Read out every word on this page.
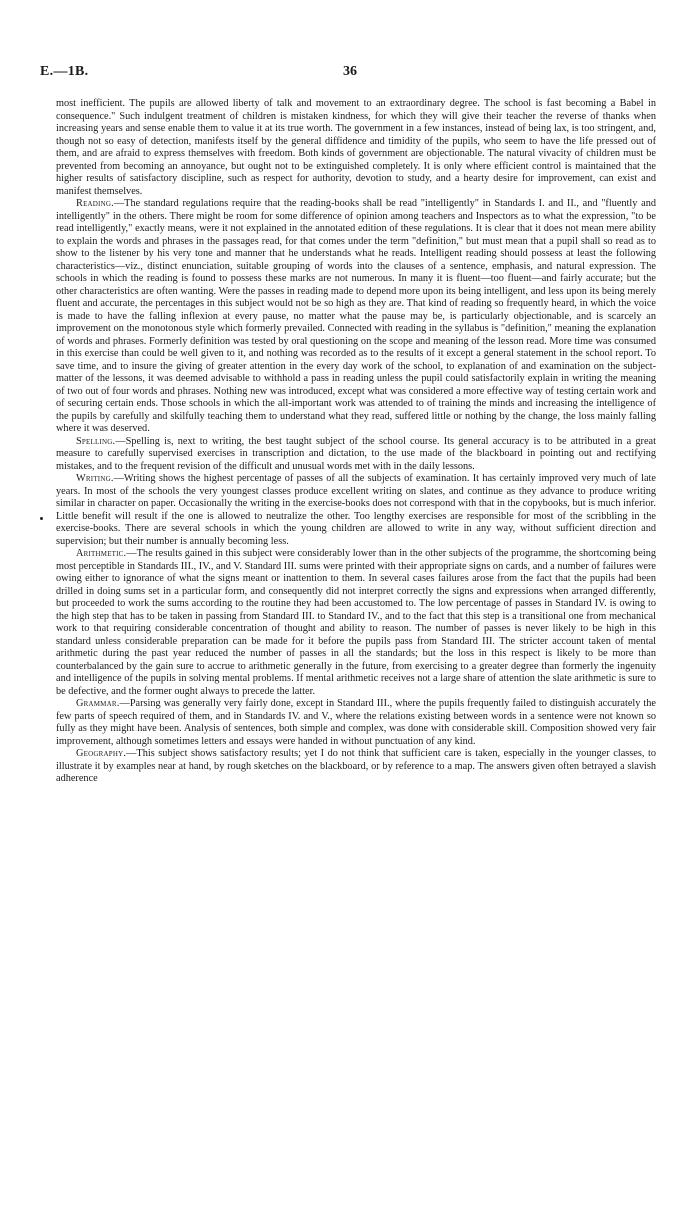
E.—1B.	36

most inefficient. The pupils are allowed liberty of talk and movement to an extraordinary degree. The school is fast becoming a Babel in consequence." Such indulgent treatment of children is mistaken kindness, for which they will give their teacher the reverse of thanks when increasing years and sense enable them to value it at its true worth. The government in a few instances, instead of being lax, is too stringent, and, though not so easy of detection, manifests itself by the general diffidence and timidity of the pupils, who seem to have the life pressed out of them, and are afraid to express themselves with freedom. Both kinds of government are objectionable. The natural vivacity of children must be prevented from becoming an annoyance, but ought not to be extinguished completely. It is only where efficient control is maintained that the higher results of satisfactory discipline, such as respect for authority, devotion to study, and a hearty desire for improvement, can exist and manifest themselves.

Reading.—The standard regulations require that the reading-books shall be read "intelligently" in Standards I. and II., and "fluently and intelligently" in the others. There might be room for some difference of opinion among teachers and Inspectors as to what the expression, "to be read intelligently," exactly means, were it not explained in the annotated edition of these regulations. It is clear that it does not mean mere ability to explain the words and phrases in the passages read, for that comes under the term "definition," but must mean that a pupil shall so read as to show to the listener by his very tone and manner that he understands what he reads. Intelligent reading should possess at least the following characteristics—viz., distinct enunciation, suitable grouping of words into the clauses of a sentence, emphasis, and natural expression. The schools in which the reading is found to possess these marks are not numerous. In many it is fluent—too fluent—and fairly accurate; but the other characteristics are often wanting. Were the passes in reading made to depend more upon its being intelligent, and less upon its being merely fluent and accurate, the percentages in this subject would not be so high as they are. That kind of reading so frequently heard, in which the voice is made to have the falling inflexion at every pause, no matter what the pause may be, is particularly objectionable, and is scarcely an improvement on the monotonous style which formerly prevailed. Connected with reading in the syllabus is "definition," meaning the explanation of words and phrases. Formerly definition was tested by oral questioning on the scope and meaning of the lesson read. More time was consumed in this exercise than could be well given to it, and nothing was recorded as to the results of it except a general statement in the school report. To save time, and to insure the giving of greater attention in the every day work of the school, to explanation of and examination on the subject-matter of the lessons, it was deemed advisable to withhold a pass in reading unless the pupil could satisfactorily explain in writing the meaning of two out of four words and phrases. Nothing new was introduced, except what was considered a more effective way of testing certain work and of securing certain ends. Those schools in which the all-important work was attended to of training the minds and increasing the intelligence of the pupils by carefully and skilfully teaching them to understand what they read, suffered little or nothing by the change, the loss mainly falling where it was deserved.

Spelling.—Spelling is, next to writing, the best taught subject of the school course. Its general accuracy is to be attributed in a great measure to carefully supervised exercises in transcription and dictation, to the use made of the blackboard in pointing out and rectifying mistakes, and to the frequent revision of the difficult and unusual words met with in the daily lessons.

Writing.—Writing shows the highest percentage of passes of all the subjects of examination. It has certainly improved very much of late years. In most of the schools the very youngest classes produce excellent writing on slates, and continue as they advance to produce writing similar in character on paper. Occasionally the writing in the exercise-books does not correspond with that in the copybooks, but is much inferior. Little benefit will result if the one is allowed to neutralize the other. Too lengthy exercises are responsible for most of the scribbling in the exercise-books. There are several schools in which the young children are allowed to write in any way, without sufficient direction and supervision; but their number is annually becoming less.

Arithmetic.—The results gained in this subject were considerably lower than in the other subjects of the programme, the shortcoming being most perceptible in Standards III., IV., and V. Standard III. sums were printed with their appropriate signs on cards, and a number of failures were owing either to ignorance of what the signs meant or inattention to them. In several cases failures arose from the fact that the pupils had been drilled in doing sums set in a particular form, and consequently did not interpret correctly the signs and expressions when arranged differently, but proceeded to work the sums according to the routine they had been accustomed to. The low percentage of passes in Standard IV. is owing to the high step that has to be taken in passing from Standard III. to Standard IV., and to the fact that this step is a transitional one from mechanical work to that requiring considerable concentration of thought and ability to reason. The number of passes is never likely to be high in this standard unless considerable preparation can be made for it before the pupils pass from Standard III. The stricter account taken of mental arithmetic during the past year reduced the number of passes in all the standards; but the loss in this respect is likely to be more than counterbalanced by the gain sure to accrue to arithmetic generally in the future, from exercising to a greater degree than formerly the ingenuity and intelligence of the pupils in solving mental problems. If mental arithmetic receives not a large share of attention the slate arithmetic is sure to be defective, and the former ought always to precede the latter.

Grammar.—Parsing was generally very fairly done, except in Standard III., where the pupils frequently failed to distinguish accurately the few parts of speech required of them, and in Standards IV. and V., where the relations existing between words in a sentence were not known so fully as they might have been. Analysis of sentences, both simple and complex, was done with considerable skill. Composition showed very fair improvement, although sometimes letters and essays were handed in without punctuation of any kind.

Geography.—This subject shows satisfactory results; yet I do not think that sufficient care is taken, especially in the younger classes, to illustrate it by examples near at hand, by rough sketches on the blackboard, or by reference to a map. The answers given often betrayed a slavish adherence
